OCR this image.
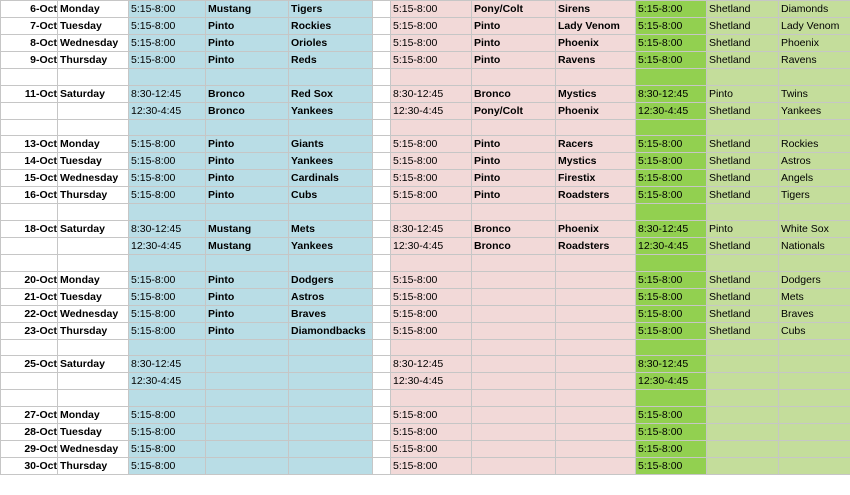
6-Oct	Monday	5:15-8:00	Mustang	Tigers		5:15-8:00	Pony/Colt	Sirens	5:15-8:00	Shetland	Diamonds
7-Oct	Tuesday	5:15-8:00	Pinto	Rockies		5:15-8:00	Pinto	Lady Venom	5:15-8:00	Shetland	Lady Venom
8-Oct	Wednesday	5:15-8:00	Pinto	Orioles		5:15-8:00	Pinto	Phoenix	5:15-8:00	Shetland	Phoenix
9-Oct	Thursday	5:15-8:00	Pinto	Reds		5:15-8:00	Pinto	Ravens	5:15-8:00	Shetland	Ravens

11-Oct	Saturday	8:30-12:45	Bronco	Red Sox		8:30-12:45	Bronco	Mystics	8:30-12:45	Pinto	Twins
		12:30-4:45	Bronco	Yankees		12:30-4:45	Pony/Colt	Phoenix	12:30-4:45	Shetland	Yankees

13-Oct	Monday	5:15-8:00	Pinto	Giants		5:15-8:00	Pinto	Racers	5:15-8:00	Shetland	Rockies
14-Oct	Tuesday	5:15-8:00	Pinto	Yankees		5:15-8:00	Pinto	Mystics	5:15-8:00	Shetland	Astros
15-Oct	Wednesday	5:15-8:00	Pinto	Cardinals		5:15-8:00	Pinto	Firestix	5:15-8:00	Shetland	Angels
16-Oct	Thursday	5:15-8:00	Pinto	Cubs		5:15-8:00	Pinto	Roadsters	5:15-8:00	Shetland	Tigers

18-Oct	Saturday	8:30-12:45	Mustang	Mets		8:30-12:45	Bronco	Phoenix	8:30-12:45	Pinto	White Sox
		12:30-4:45	Mustang	Yankees		12:30-4:45	Bronco	Roadsters	12:30-4:45	Shetland	Nationals

20-Oct	Monday	5:15-8:00	Pinto	Dodgers		5:15-8:00			5:15-8:00	Shetland	Dodgers
21-Oct	Tuesday	5:15-8:00	Pinto	Astros		5:15-8:00			5:15-8:00	Shetland	Mets
22-Oct	Wednesday	5:15-8:00	Pinto	Braves		5:15-8:00			5:15-8:00	Shetland	Braves
23-Oct	Thursday	5:15-8:00	Pinto	Diamondbacks		5:15-8:00			5:15-8:00	Shetland	Cubs

25-Oct	Saturday	8:30-12:45				8:30-12:45			8:30-12:45		
		12:30-4:45				12:30-4:45			12:30-4:45		

27-Oct	Monday	5:15-8:00				5:15-8:00			5:15-8:00		
28-Oct	Tuesday	5:15-8:00				5:15-8:00			5:15-8:00		
29-Oct	Wednesday	5:15-8:00				5:15-8:00			5:15-8:00		
30-Oct	Thursday	5:15-8:00				5:15-8:00			5:15-8:00		
